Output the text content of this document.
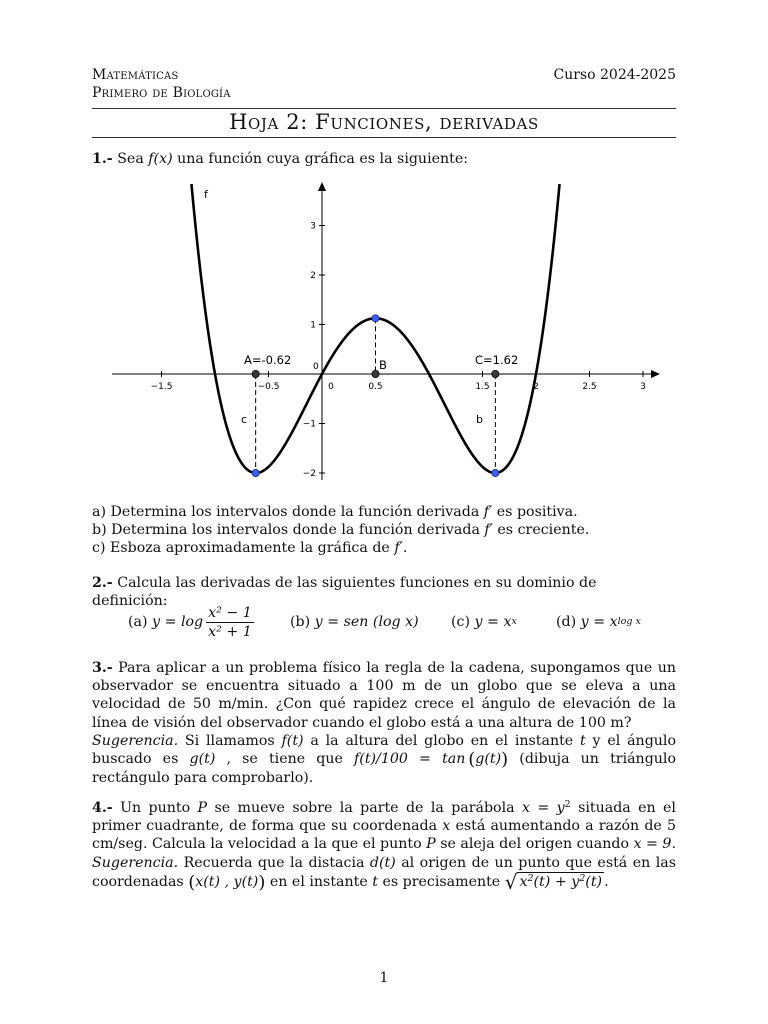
Matemáticas
Primero de Biología
Curso 2024-2025
Hoja 2: Funciones, derivadas
1.- Sea f(x) una función cuya gráfica es la siguiente:
−1.5	−0.5	0	0.5	1.5	2	2.5	3
3
2
1
−1
−2
f
A=-0.62	B	C=1.62
c	b
0
a) Determina los intervalos donde la función derivada f′ es positiva.
b) Determina los intervalos donde la función derivada f′ es creciente.
c) Esboza aproximadamente la gráfica de f′.
2.- Calcula las derivadas de las siguientes funciones en su dominio de definición:
(a)
$y = \log \frac{\text{x² − 1}}{\text{x² + 1}}$	(b)
y = sen (log x) (c)
y = x x	(d)
y = x log x
3.- Para aplicar a un problema físico la regla de la cadena, supongamos que un observador se encuentra situado a 100 m de un globo que se eleva a una velocidad de 50 m/min. ¿Con qué rapidez crece el ángulo de elevación de la línea de visión del observador cuando el globo está a una altura de 100 m?
Sugerencia. Si llamamos f(t) a la altura del globo en el instante t y el ángulo buscado es g(t) , se tiene que f(t)/100 = tan  (g(t)) (dibuja un triángulo rectángulo para comprobarlo).
4.- Un punto P se mueve sobre la parte de la parábola $x = y^2$ situada en el primer cuadrante, de forma que su coordenada x está aumentando a razón de 5 cm/seg. Calcula la velocidad a la que el punto P se aleja del origen cuando x = 9.
Sugerencia. Recuerda que la distacia d(t) al origen de un punto que está en las coordenadas (x(t) , y(t)) en el instante t es precisamente √ $x^2(t) + y^2(t)$ .
1
